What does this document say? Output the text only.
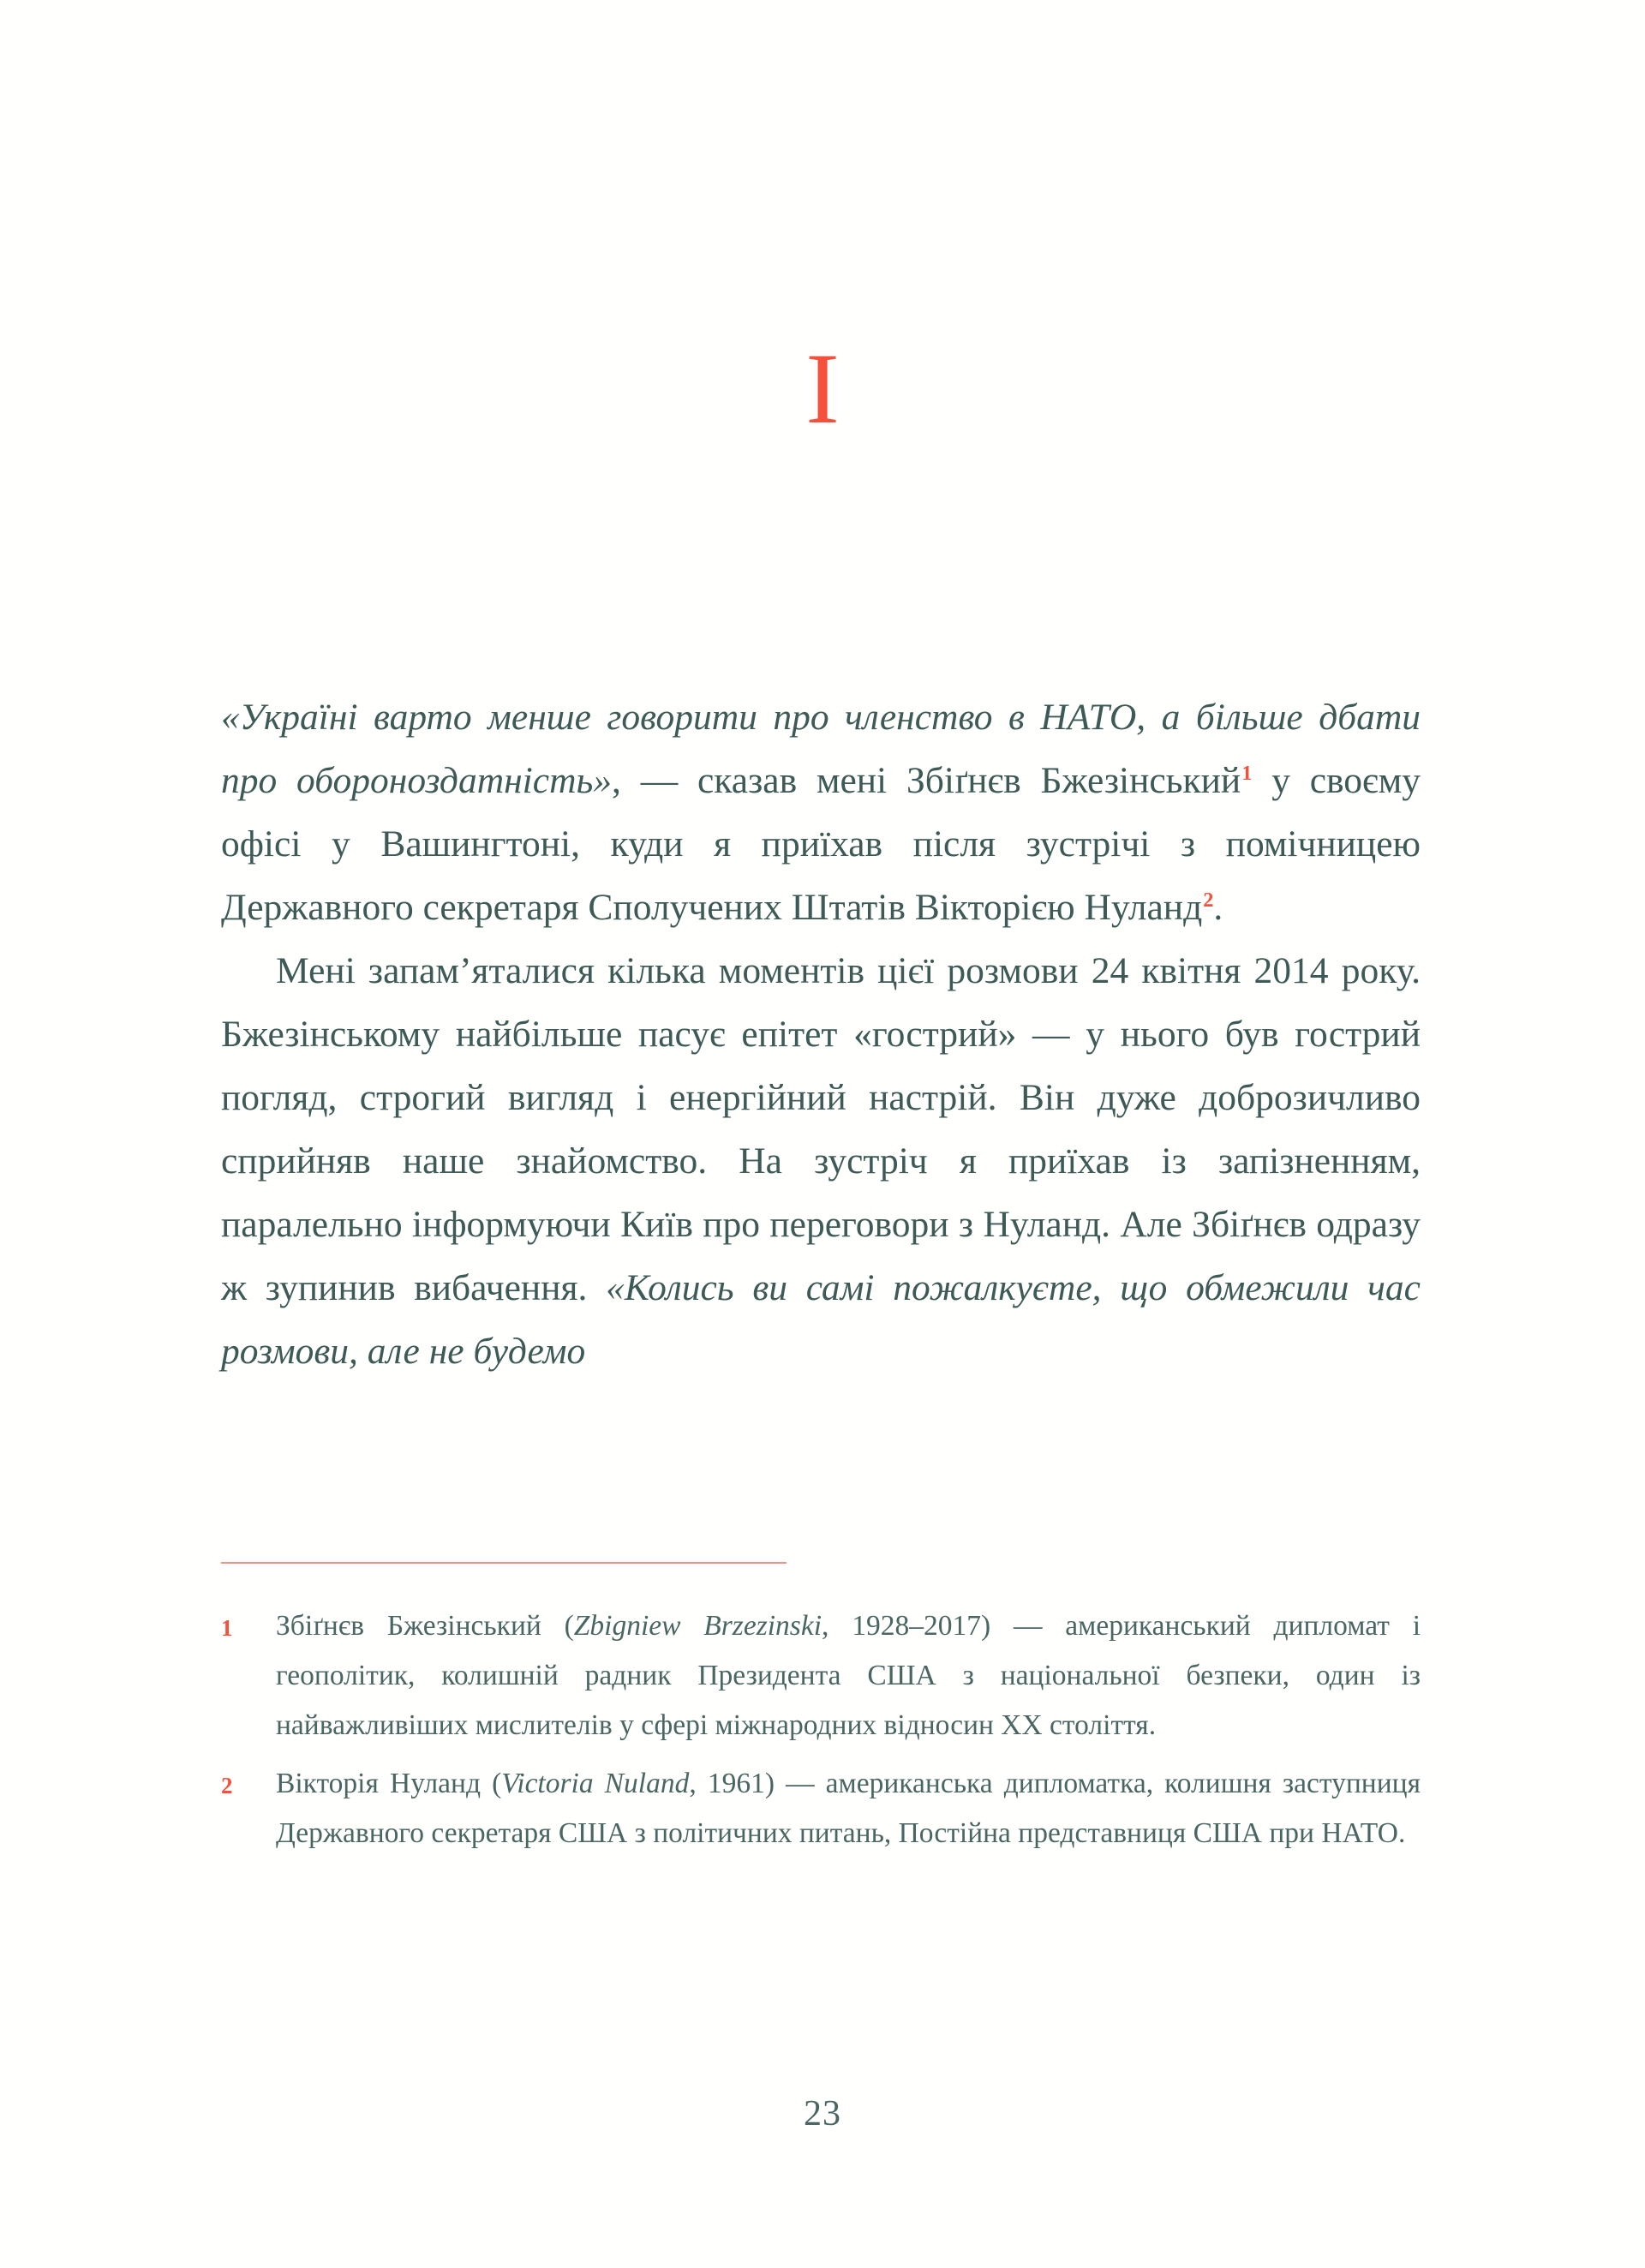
I

«Україні варто менше говорити про членство в НАТО, а більше дбати про обороноздатність», — сказав мені Збіґнєв Бжезінський$^1$ у своєму офісі у Вашингтоні, куди я приїхав після зустрічі з помічницею Державного секретаря Сполучених Штатів Вікторією Нуланд$^2$.

Мені запам’яталися кілька моментів цієї розмови 24 квітня 2014 року. Бжезінському найбільше пасує епітет «гострий» — у нього був гострий погляд, строгий вигляд і енергійний настрій. Він дуже доброзичливо сприйняв наше знайомство. На зустріч я приїхав із запізненням, паралельно інформуючи Київ про переговори з Нуланд. Але Збіґнєв одразу ж зупинив вибачення. «Колись ви самі пожалкуєте, що обмежили час розмови, але не будемо

1	Збіґнєв Бжезінський (Zbigniew Brzezinski, 1928–2017) — американський дипломат і геополітик, колишній радник Президента США з національної безпеки, один із найважливіших мислителів у сфері міжнародних відносин XX століття.
2	Вікторія Нуланд (Victoria Nuland, 1961) — американська дипломатка, колишня заступниця Державного секретаря США з політичних питань, Постійна представниця США при НАТО.
23
